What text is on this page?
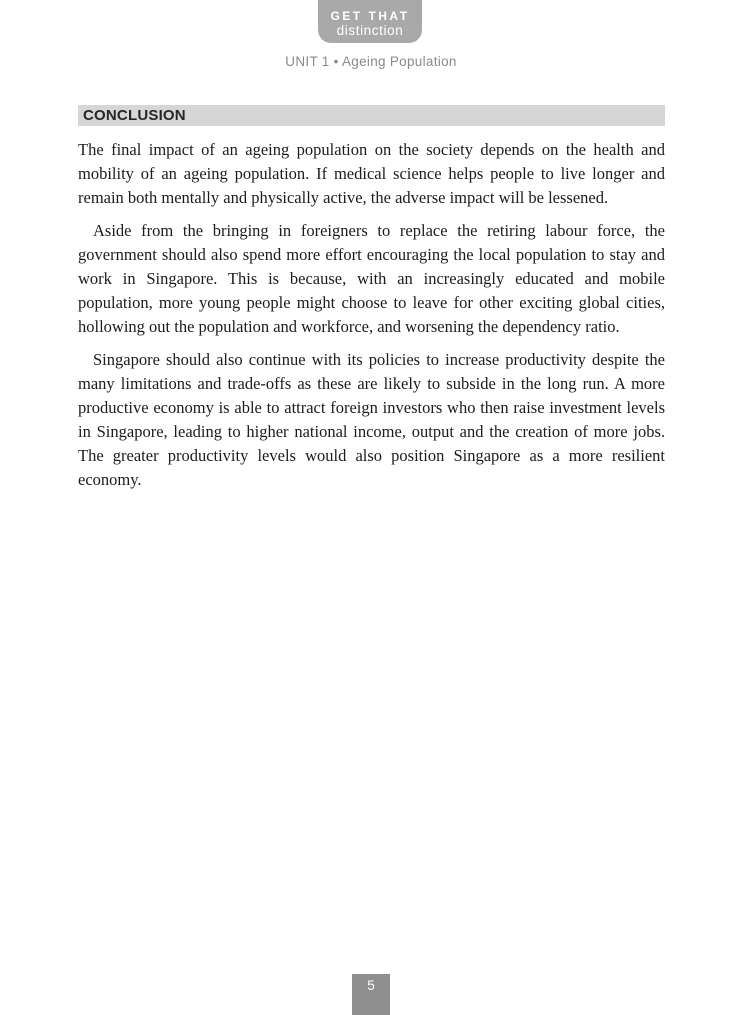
GET THAT
distinction
UNIT 1 • Ageing Population
CONCLUSION

The final impact of an ageing population on the society depends on the health and mobility of an ageing population. If medical science helps people to live longer and remain both mentally and physically active, the adverse impact will be lessened.

Aside from the bringing in foreigners to replace the retiring labour force, the government should also spend more effort encouraging the local population to stay and work in Singapore. This is because, with an increasingly educated and mobile population, more young people might choose to leave for other exciting global cities, hollowing out the population and workforce, and worsening the dependency ratio.

Singapore should also continue with its policies to increase productivity despite the many limitations and trade-offs as these are likely to subside in the long run. A more productive economy is able to attract foreign investors who then raise investment levels in Singapore, leading to higher national income, output and the creation of more jobs. The greater productivity levels would also position Singapore as a more resilient economy.

5
